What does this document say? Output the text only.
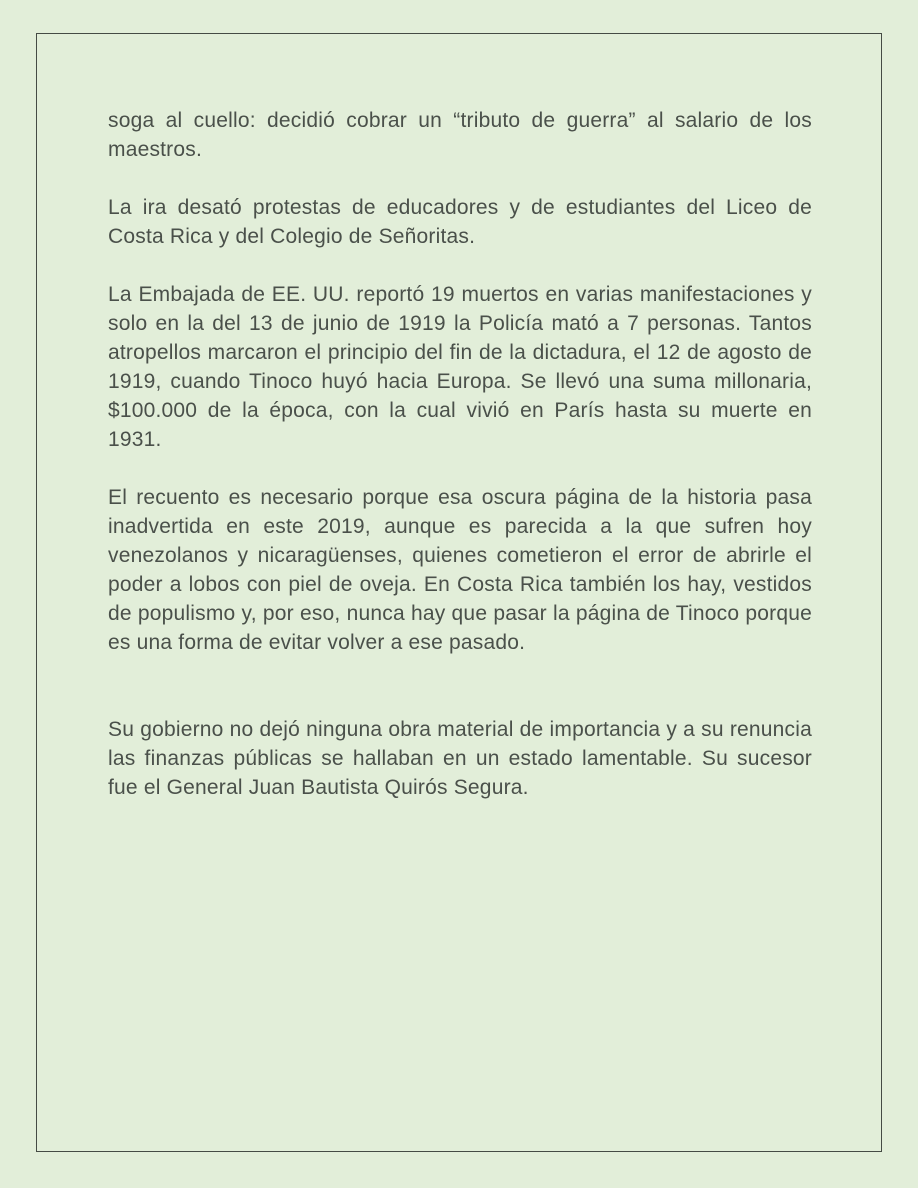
soga al cuello: decidió cobrar un “tributo de guerra” al salario de los maestros.

La ira desató protestas de educadores y de estudiantes del Liceo de Costa Rica y del Colegio de Señoritas.

La Embajada de EE. UU. reportó 19 muertos en varias manifestaciones y solo en la del 13 de junio de 1919 la Policía mató a 7 personas. Tantos atropellos marcaron el principio del fin de la dictadura, el 12 de agosto de 1919, cuando Tinoco huyó hacia Europa. Se llevó una suma millonaria, $100.000 de la época, con la cual vivió en París hasta su muerte en 1931.

El recuento es necesario porque esa oscura página de la historia pasa inadvertida en este 2019, aunque es parecida a la que sufren hoy venezolanos y nicaragüenses, quienes cometieron el error de abrirle el poder a lobos con piel de oveja. En Costa Rica también los hay, vestidos de populismo y, por eso, nunca hay que pasar la página de Tinoco porque es una forma de evitar volver a ese pasado.

Su gobierno no dejó ninguna obra material de importancia y a su renuncia las finanzas públicas se hallaban en un estado lamentable. Su sucesor fue el General Juan Bautista Quirós Segura.
